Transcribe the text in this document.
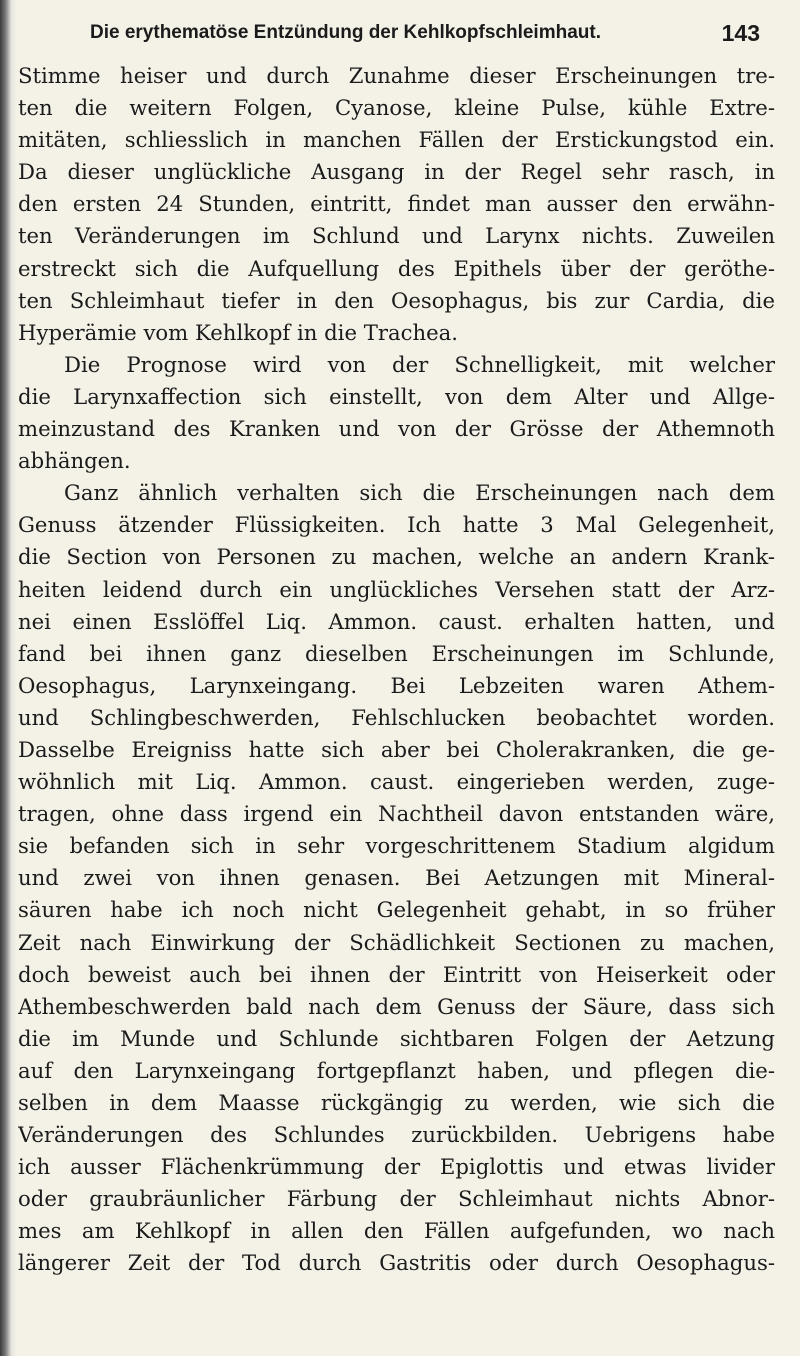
Die erythematöse Entzündung der Kehlkopfschleimhaut.	143
Stimme heiser und durch Zunahme dieser Erscheinungen tre-
ten die weitern Folgen, Cyanose, kleine Pulse, kühle Extre-
mitäten, schliesslich in manchen Fällen der Erstickungstod ein.
Da dieser unglückliche Ausgang in der Regel sehr rasch, in
den ersten 24 Stunden, eintritt, findet man ausser den erwähn-
ten Veränderungen im Schlund und Larynx nichts. Zuweilen
erstreckt sich die Aufquellung des Epithels über der geröthe-
ten Schleimhaut tiefer in den Oesophagus, bis zur Cardia, die
Hyperämie vom Kehlkopf in die Trachea.
Die Prognose wird von der Schnelligkeit, mit welcher
die Larynxaffection sich einstellt, von dem Alter und Allge-
meinzustand des Kranken und von der Grösse der Athemnoth
abhängen.
Ganz ähnlich verhalten sich die Erscheinungen nach dem
Genuss ätzender Flüssigkeiten. Ich hatte 3 Mal Gelegenheit,
die Section von Personen zu machen, welche an andern Krank-
heiten leidend durch ein unglückliches Versehen statt der Arz-
nei einen Esslöffel Liq. Ammon. caust. erhalten hatten, und
fand bei ihnen ganz dieselben Erscheinungen im Schlunde,
Oesophagus, Larynxeingang. Bei Lebzeiten waren Athem-
und Schlingbeschwerden, Fehlschlucken beobachtet worden.
Dasselbe Ereigniss hatte sich aber bei Cholerakranken, die ge-
wöhnlich mit Liq. Ammon. caust. eingerieben werden, zuge-
tragen, ohne dass irgend ein Nachtheil davon entstanden wäre,
sie befanden sich in sehr vorgeschrittenem Stadium algidum
und zwei von ihnen genasen. Bei Aetzungen mit Mineral-
säuren habe ich noch nicht Gelegenheit gehabt, in so früher
Zeit nach Einwirkung der Schädlichkeit Sectionen zu machen,
doch beweist auch bei ihnen der Eintritt von Heiserkeit oder
Athembeschwerden bald nach dem Genuss der Säure, dass sich
die im Munde und Schlunde sichtbaren Folgen der Aetzung
auf den Larynxeingang fortgepflanzt haben, und pflegen die-
selben in dem Maasse rückgängig zu werden, wie sich die
Veränderungen des Schlundes zurückbilden. Uebrigens habe
ich ausser Flächenkrümmung der Epiglottis und etwas livider
oder graubräunlicher Färbung der Schleimhaut nichts Abnor-
mes am Kehlkopf in allen den Fällen aufgefunden, wo nach
längerer Zeit der Tod durch Gastritis oder durch Oesophagus-
